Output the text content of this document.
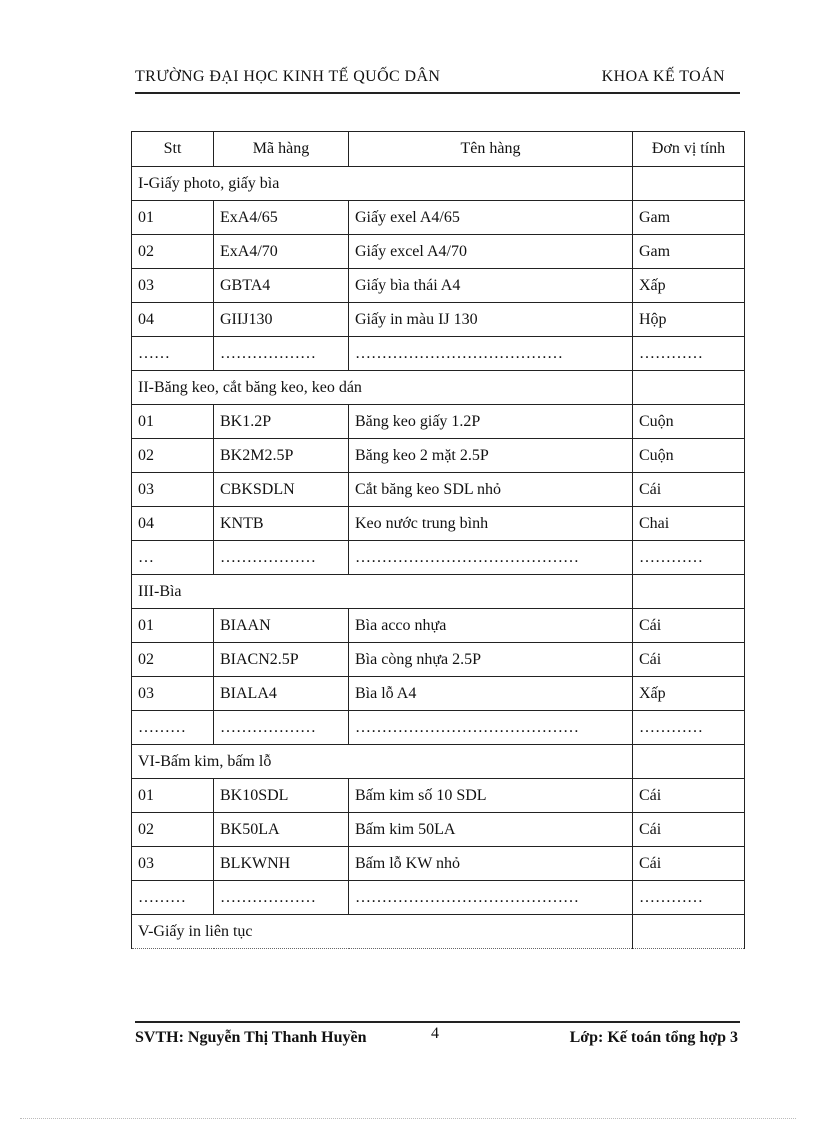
TRƯỜNG ĐẠI HỌC KINH TẾ QUỐC DÂN	KHOA KẾ TOÁN
Stt	Mã hàng	Tên hàng	Đơn vị tính
I-Giấy photo, giấy bìa			
01	ExA4/65	Giấy exel A4/65	Gam
02	ExA4/70	Giấy excel A4/70	Gam
03	GBTA4	Giấy bìa thái A4	Xấp
04	GIIJ130	Giấy in màu IJ 130	Hộp
……	………………	…………………………………	…………
II-Băng keo, cắt băng keo, keo dán			
01	BK1.2P	Băng keo giấy 1.2P	Cuộn
02	BK2M2.5P	Băng keo 2 mặt 2.5P	Cuộn
03	CBKSDLN	Cắt băng keo SDL nhỏ	Cái
04	KNTB	Keo nước trung bình	Chai
…	………………	……………………………………	…………
III-Bìa			
01	BIAAN	Bìa acco nhựa	Cái
02	BIACN2.5P	Bìa còng nhựa 2.5P	Cái
03	BIALA4	Bìa lỗ A4	Xấp
………	………………	……………………………………	…………
VI-Bấm kim, bấm lỗ			
01	BK10SDL	Bấm kim số 10 SDL	Cái
02	BK50LA	Bấm kim 50LA	Cái
03	BLKWNH	Bấm lỗ KW nhỏ	Cái
………	………………	……………………………………	…………
V-Giấy in liên tục			
SVTH: Nguyễn Thị Thanh Huyền	4	Lớp: Kế toán tổng hợp 3
